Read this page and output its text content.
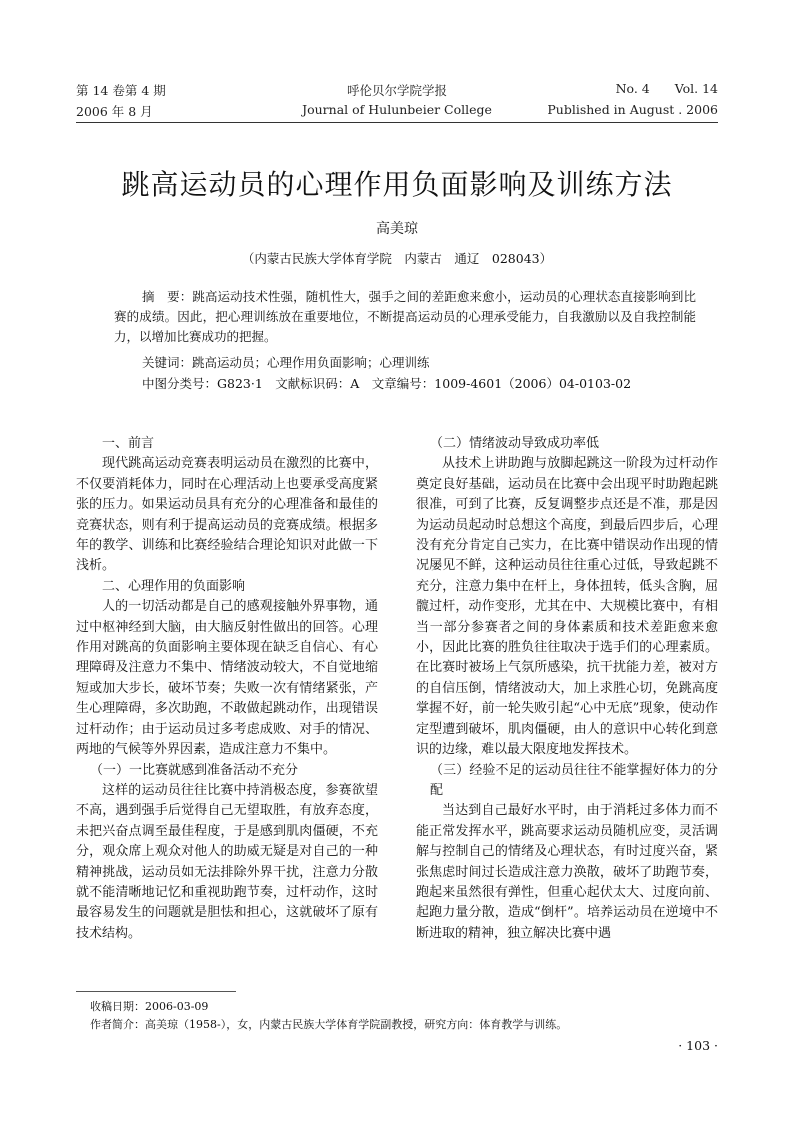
第 14 卷第 4 期	呼伦贝尔学院学报	No. 4   Vol. 14
2006 年 8 月	Journal of Hulunbeier College	Published in August . 2006
跳高运动员的心理作用负面影响及训练方法
高美琼
（内蒙古民族大学体育学院　内蒙古　通辽　028043）
摘　要：跳高运动技术性强，随机性大，强手之间的差距愈来愈小，运动员的心理状态直接影响到比赛的成绩。因此，把心理训练放在重要地位，不断提高运动员的心理承受能力，自我激励以及自我控制能力，以增加比赛成功的把握。
关键词：跳高运动员；心理作用负面影响；心理训练
中图分类号：G823·1　文献标识码：A　文章编号：1009-4601（2006）04-0103-02
一、前言

现代跳高运动竞赛表明运动员在激烈的比赛中，不仅要消耗体力，同时在心理活动上也要承受高度紧张的压力。如果运动员具有充分的心理准备和最佳的竞赛状态，则有利于提高运动员的竞赛成绩。根据多年的教学、训练和比赛经验结合理论知识对此做一下浅析。

二、心理作用的负面影响

人的一切活动都是自己的感观接触外界事物，通过中枢神经到大脑，由大脑反射性做出的回答。心理作用对跳高的负面影响主要体现在缺乏自信心、有心理障碍及注意力不集中、情绪波动较大，不自觉地缩短或加大步长，破坏节奏；失败一次有情绪紧张，产生心理障碍，多次助跑，不敢做起跳动作，出现错误过杆动作；由于运动员过多考虑成败、对手的情况、两地的气候等外界因素，造成注意力不集中。

（一）一比赛就感到准备活动不充分

这样的运动员往往比赛中持消极态度，参赛欲望不高，遇到强手后觉得自己无望取胜，有放弃态度，未把兴奋点调至最佳程度，于是感到肌肉僵硬，不充分，观众席上观众对他人的助威无疑是对自己的一种精神挑战，运动员如无法排除外界干扰，注意力分散就不能清晰地记忆和重视助跑节奏，过杆动作，这时最容易发生的问题就是胆怯和担心，这就破坏了原有技术结构。

（二）情绪波动导致成功率低

从技术上讲助跑与放脚起跳这一阶段为过杆动作奠定良好基础，运动员在比赛中会出现平时助跑起跳很准，可到了比赛，反复调整步点还是不准，那是因为运动员起动时总想这个高度，到最后四步后，心理没有充分肯定自己实力，在比赛中错误动作出现的情况屡见不鲜，这种运动员往往重心过低，导致起跳不充分，注意力集中在杆上，身体扭转，低头含胸，屈髋过杆，动作变形，尤其在中、大规模比赛中，有相当一部分参赛者之间的身体素质和技术差距愈来愈小，因此比赛的胜负往往取决于选手们的心理素质。在比赛时被场上气氛所感染，抗干扰能力差，被对方的自信压倒，情绪波动大，加上求胜心切，免跳高度掌握不好，前一轮失败引起“心中无底”现象，使动作定型遭到破坏，肌肉僵硬，由人的意识中心转化到意识的边缘，难以最大限度地发挥技术。

（三）经验不足的运动员往往不能掌握好体力的分配

当达到自己最好水平时，由于消耗过多体力而不能正常发挥水平，跳高要求运动员随机应变，灵活调解与控制自己的情绪及心理状态，有时过度兴奋，紧张焦虑时间过长造成注意力涣散，破坏了助跑节奏，跑起来虽然很有弹性，但重心起伏太大、过度向前、起跑力量分散，造成“倒杆”。培养运动员在逆境中不断进取的精神，独立解决比赛中遇

收稿日期：2006-03-09
作者简介：高美琼（1958-），女，内蒙古民族大学体育学院副教授，研究方向：体育教学与训练。
· 103 ·
